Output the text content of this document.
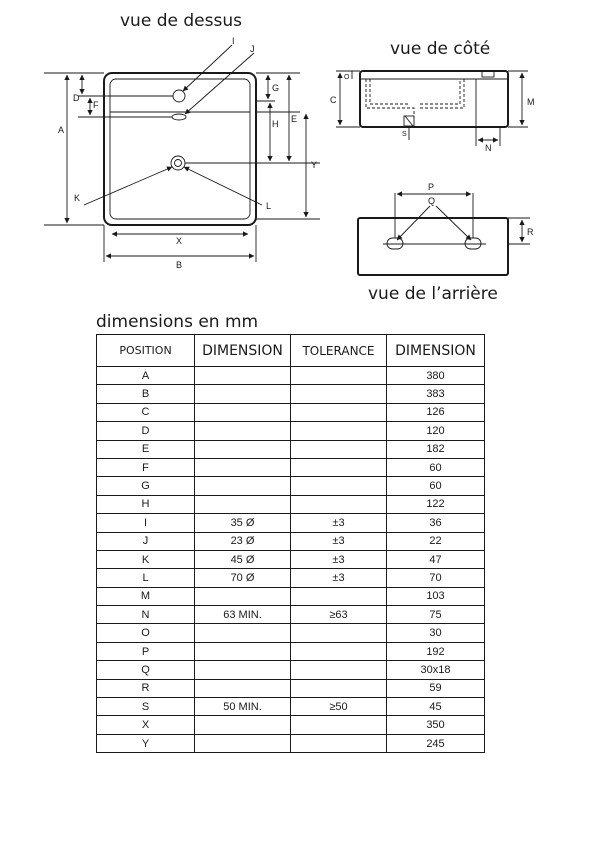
vue de dessus
vue de côté
vue de l’arrière
I
J
D
F
A
K
G
H E
Y
L
X
B
C
O
M
N
S
P
Q
R
dimensions en mm
POSITION	DIMENSION	TOLERANCE	DIMENSION
A			380
B			383
C			126
D			120
E			182
F			60
G			60
H			122
I	35 Ø	±3	36
J	23 Ø	±3	22
K	45 Ø	±3	47
L	70 Ø	±3	70
M			103
N	63 MIN.	≥63	75
O			30
P			192
Q			30x18
R			59
S	50 MIN.	≥50	45
X			350
Y			245
